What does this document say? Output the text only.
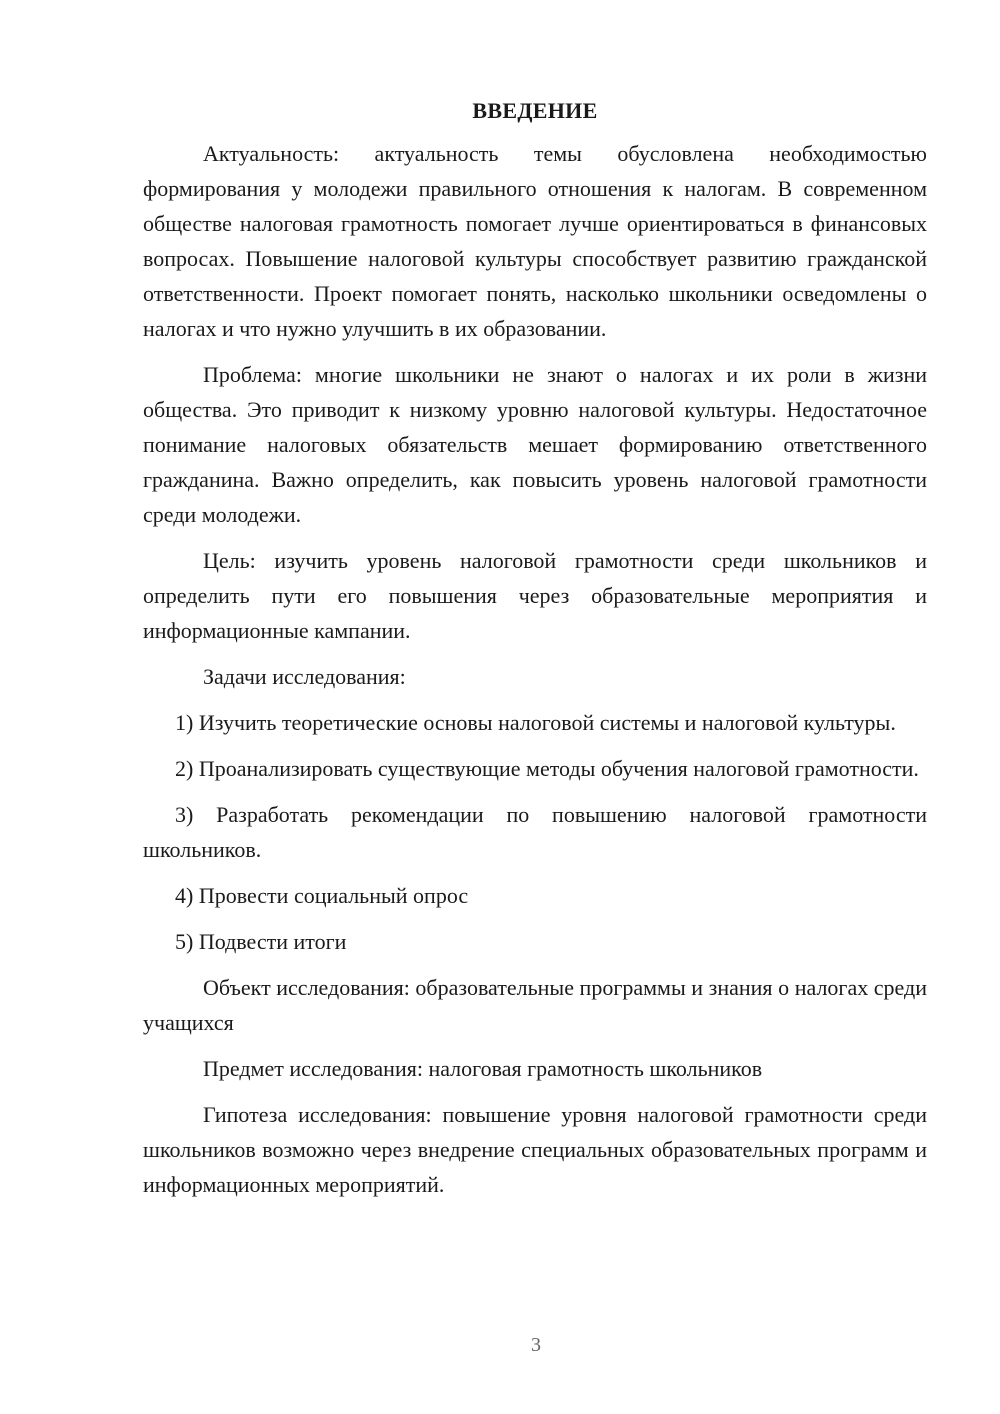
ВВЕДЕНИЕ

Актуальность: актуальность темы обусловлена необходимостью формирования у молодежи правильного отношения к налогам. В современном обществе налоговая грамотность помогает лучше ориентироваться в финансовых вопросах. Повышение налоговой культуры способствует развитию гражданской ответственности. Проект помогает понять, насколько школьники осведомлены о налогах и что нужно улучшить в их образовании.

Проблема: многие школьники не знают о налогах и их роли в жизни общества. Это приводит к низкому уровню налоговой культуры. Недостаточное понимание налоговых обязательств мешает формированию ответственного гражданина. Важно определить, как повысить уровень налоговой грамотности среди молодежи.

Цель: изучить уровень налоговой грамотности среди школьников и определить пути его повышения через образовательные мероприятия и информационные кампании.

Задачи исследования:

1) Изучить теоретические основы налоговой системы и налоговой культуры.

2) Проанализировать существующие методы обучения налоговой грамотности.

3) Разработать рекомендации по повышению налоговой грамотности школьников.

4) Провести социальный опрос

5) Подвести итоги

Объект исследования: образовательные программы и знания о налогах среди учащихся

Предмет исследования: налоговая грамотность школьников

Гипотеза исследования: повышение уровня налоговой грамотности среди школьников возможно через внедрение специальных образовательных программ и информационных мероприятий.

3
